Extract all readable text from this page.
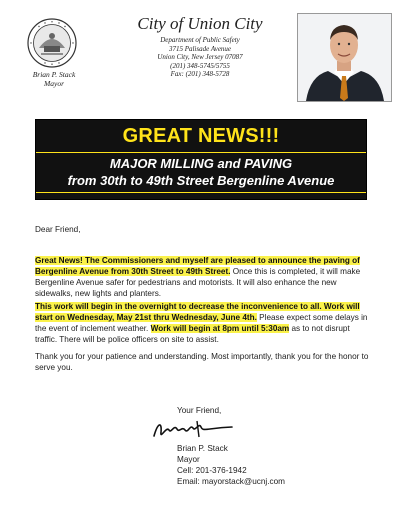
Brian P. Stack
Mayor
City of Union City
Department of Public Safety
3715 Palisade Avenue
Union City, New Jersey 07087
(201) 348-5745/5755
Fax: (201) 348-5728
GREAT NEWS!!!
MAJOR MILLING and PAVING
from 30th to 49th Street Bergenline Avenue
Dear Friend,
Great News! The Commissioners and myself are pleased to announce the paving of Bergenline Avenue from 30th Street to 49th Street. Once this is completed, it will make Bergenline Avenue safer for pedestrians and motorists. It will also enhance the new sidewalks, new lights and planters.
This work will begin in the overnight to decrease the inconvenience to all. Work will start on Wednesday, May 21st thru Wednesday, June 4th. Please expect some delays in the event of inclement weather. Work will begin at 8pm until 5:30am as to not disrupt traffic. There will be police officers on site to assist.
Thank you for your patience and understanding. Most importantly, thank you for the honor to serve you.
Your Friend,
Brian P. Stack
Mayor
Cell: 201-376-1942
Email: mayorstack@ucnj.com
